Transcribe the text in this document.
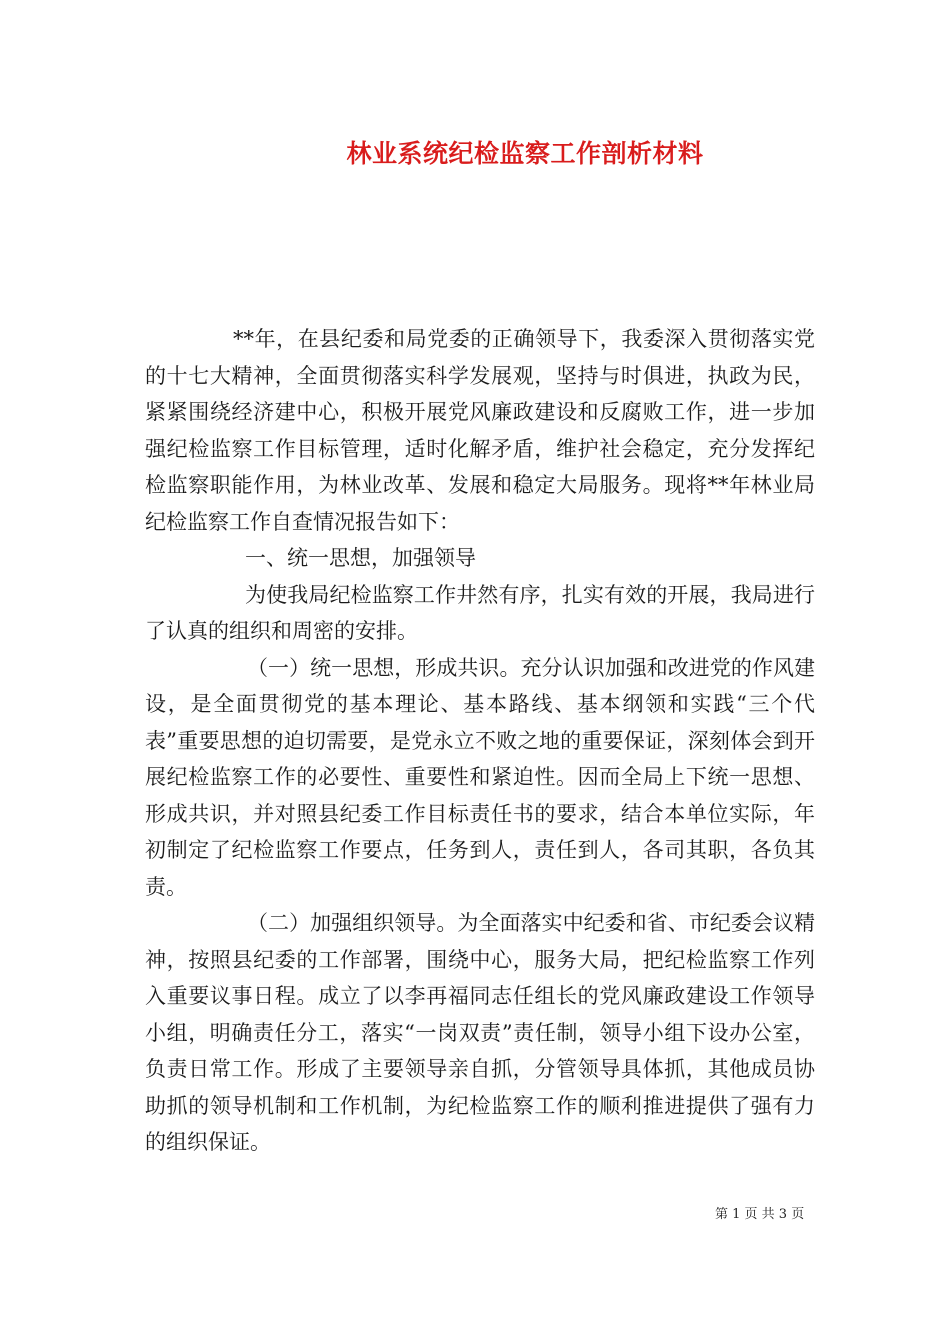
林业系统纪检监察工作剖析材料

**年，在县纪委和局党委的正确领导下，我委深入贯彻落实党的十七大精神，全面贯彻落实科学发展观，坚持与时俱进，执政为民，紧紧围绕经济建中心，积极开展党风廉政建设和反腐败工作，进一步加强纪检监察工作目标管理，适时化解矛盾，维护社会稳定，充分发挥纪检监察职能作用，为林业改革、发展和稳定大局服务。现将**年林业局纪检监察工作自查情况报告如下：

一、统一思想，加强领导

为使我局纪检监察工作井然有序，扎实有效的开展，我局进行了认真的组织和周密的安排。

（一）统一思想，形成共识。充分认识加强和改进党的作风建设，是全面贯彻党的基本理论、基本路线、基本纲领和实践“三个代表”重要思想的迫切需要，是党永立不败之地的重要保证，深刻体会到开展纪检监察工作的必要性、重要性和紧迫性。因而全局上下统一思想、形成共识，并对照县纪委工作目标责任书的要求，结合本单位实际，年初制定了纪检监察工作要点，任务到人，责任到人，各司其职，各负其责。

（二）加强组织领导。为全面落实中纪委和省、市纪委会议精神，按照县纪委的工作部署，围绕中心，服务大局，把纪检监察工作列入重要议事日程。成立了以李再福同志任组长的党风廉政建设工作领导小组，明确责任分工，落实“一岗双责”责任制，领导小组下设办公室，负责日常工作。形成了主要领导亲自抓，分管领导具体抓，其他成员协助抓的领导机制和工作机制，为纪检监察工作的顺利推进提供了强有力的组织保证。

第 1 页 共 3 页
